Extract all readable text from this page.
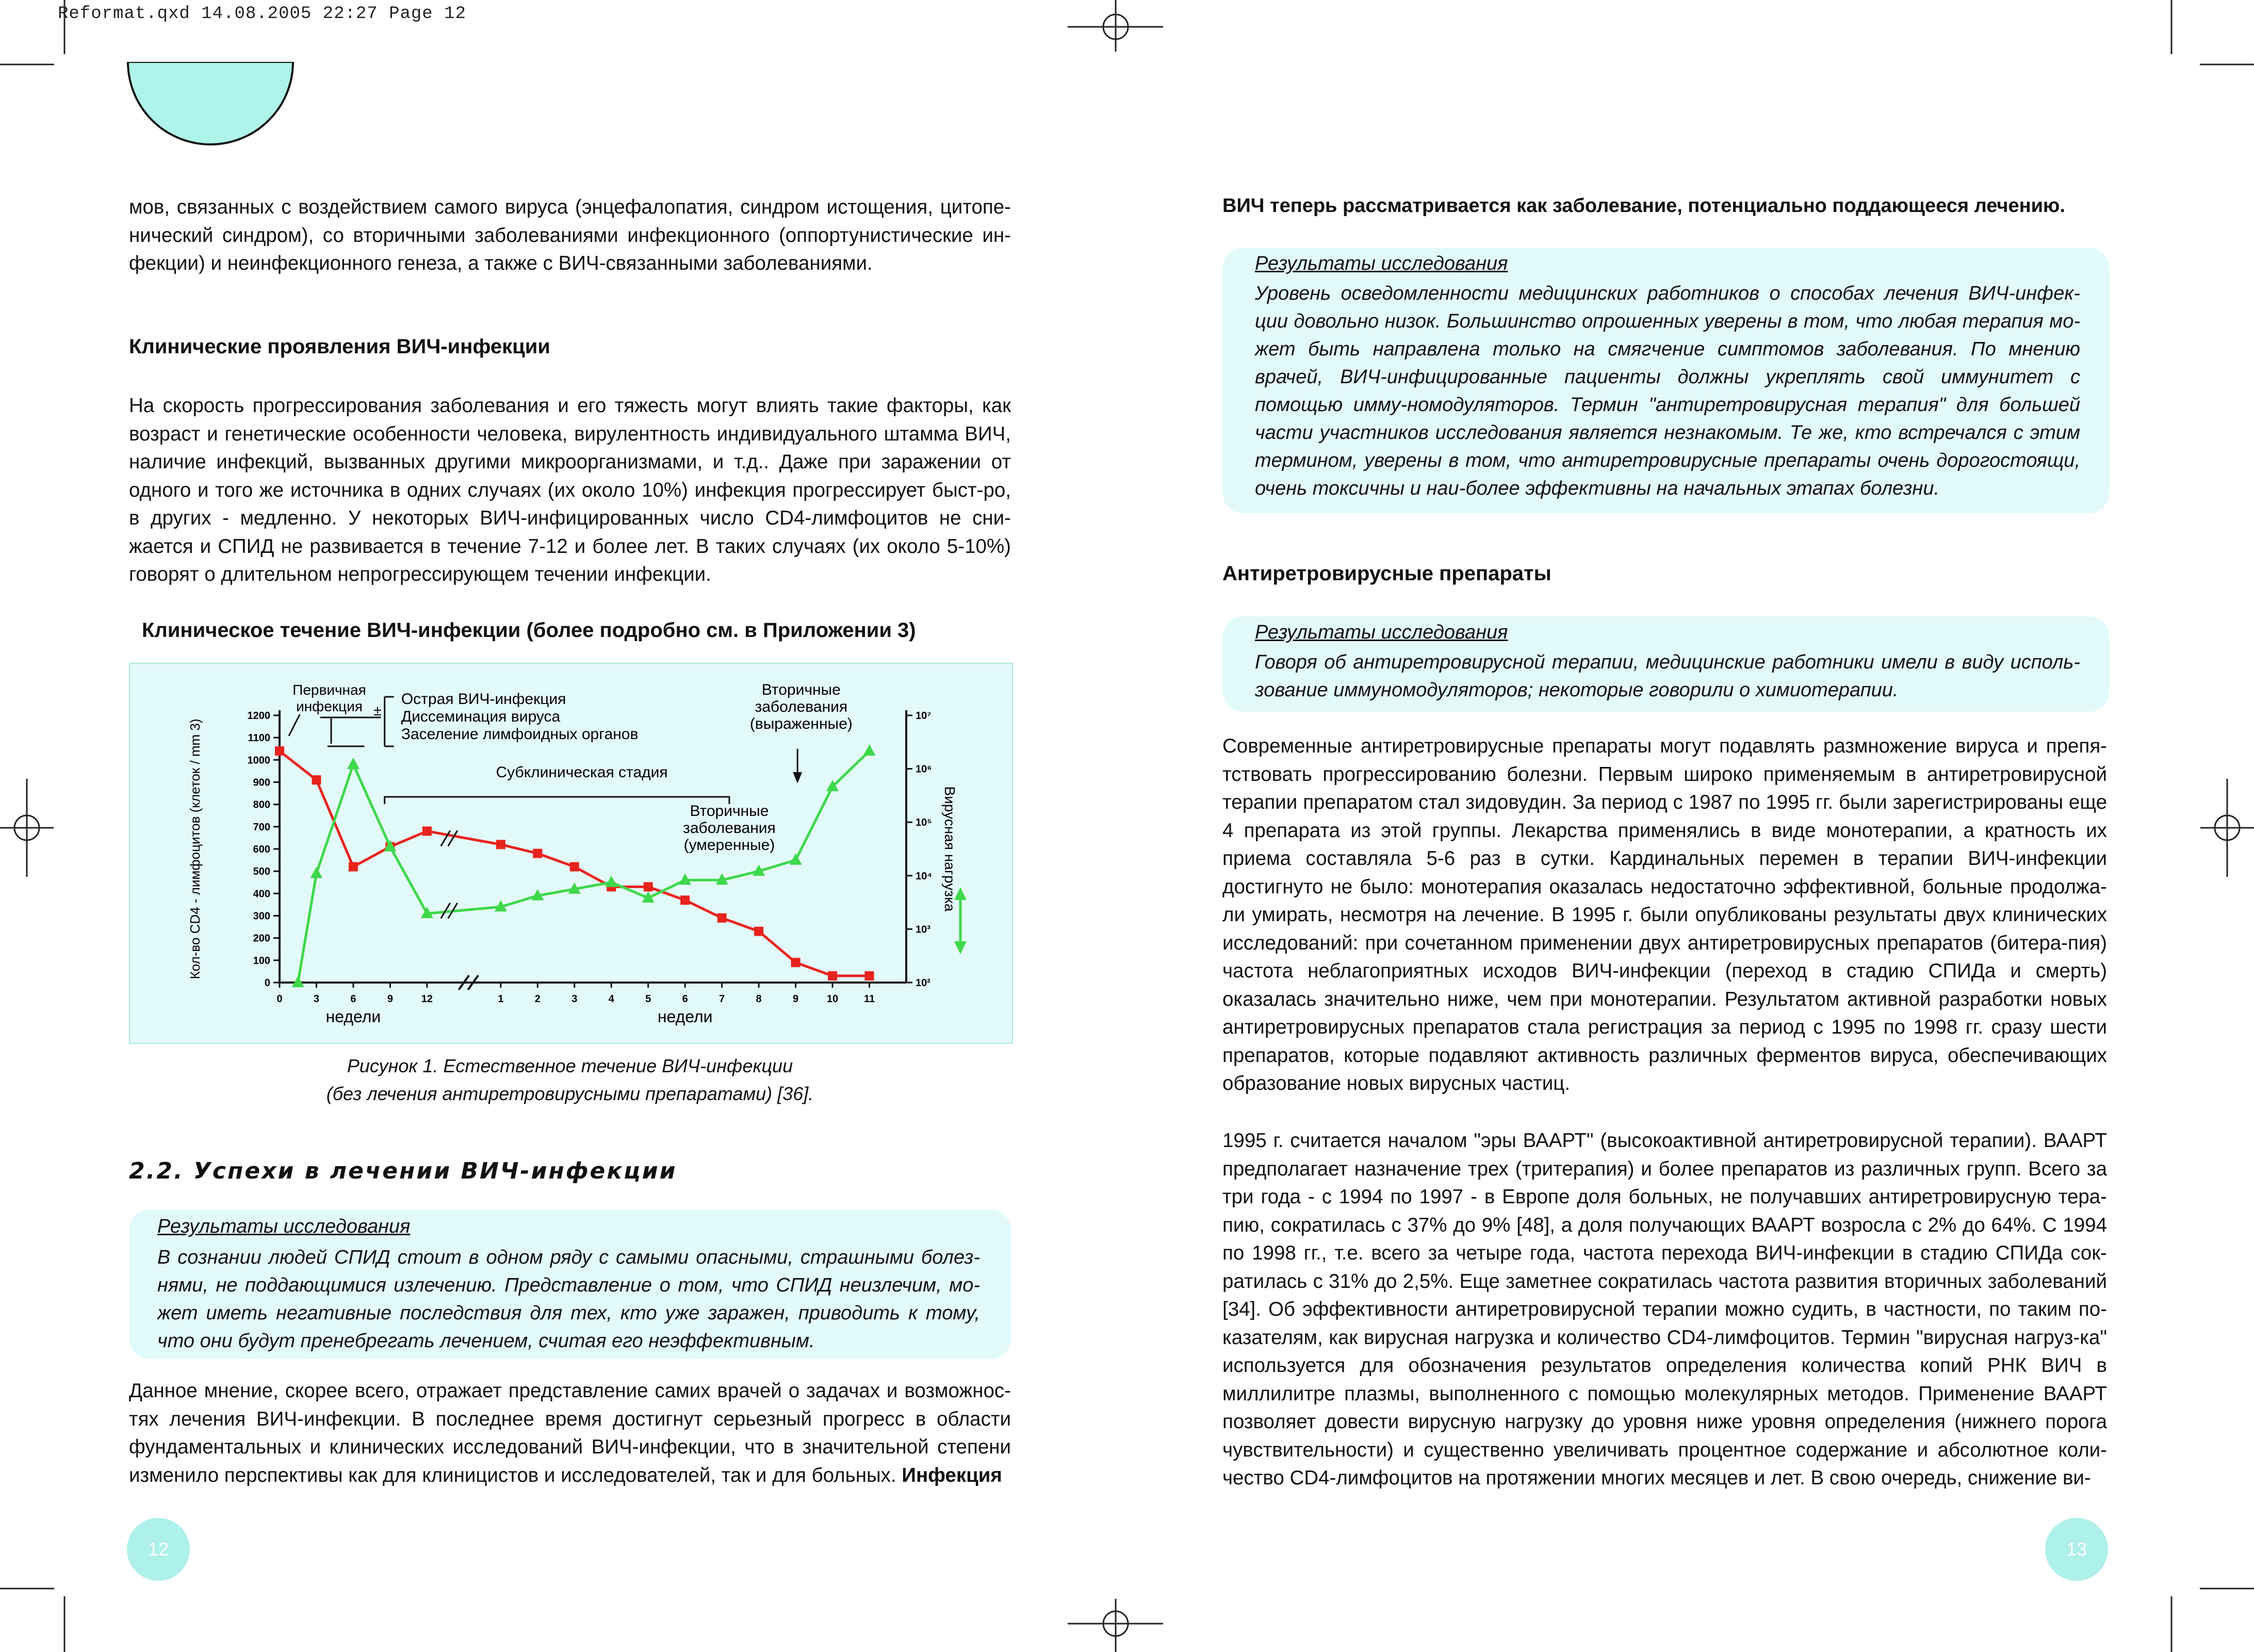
Reformat.qxd 14.08.2005 22:27 Page 12
мов, связанных с воздействием самого вируса (энцефалопатия, синдром истощения, цитопе-нический синдром), со вторичными заболеваниями инфекционного (оппортунистические ин-фекции) и неинфекционного генеза, а также с ВИЧ-связанными заболеваниями.
Клинические проявления ВИЧ-инфекции
На скорость прогрессирования заболевания и его тяжесть могут влиять такие факторы, как возраст и генетические особенности человека, вирулентность индивидуального штамма ВИЧ, наличие инфекций, вызванных другими микроорганизмами, и т.д.. Даже при заражении от одного и того же источника в одних случаях (их около 10%) инфекция прогрессирует быст-ро, в других - медленно. У некоторых ВИЧ-инфицированных число CD4-лимфоцитов не сни-жается и СПИД не развивается в течение 7-12 и более лет. В таких случаях (их около 5-10%) говорят о длительном непрогрессирующем течении инфекции.
Клиническое течение ВИЧ-инфекции (более подробно см. в Приложении 3)
0
100
200
300
400
500
600
700
800
900
1000
1100
1200
10²
10³
10⁴
10⁵
10⁶
10⁷
0	3	6	9	12	1	2	3	4	5	6	7	8	9	10 11
недели	недели
Кол-во CD4 - лимфоцитов (клеток / mm 3)	Вирусная нагрузка
Первичная
инфекция ±
Острая ВИЧ-инфекция
Диссеминация вируса
Заселение лимфоидных органов
Субклиническая стадия
Вторичные
заболевания
(умеренные)
Вторичные
заболевания
(выраженные)
Рисунок 1. Естественное течение ВИЧ-инфекции
(без лечения антиретровирусными препаратами) [36].
2.2. Успехи в лечении ВИЧ-инфекции
Результаты исследования
В сознании людей СПИД стоит в одном ряду с самыми опасными, страшными болез-нями, не поддающимися излечению. Представление о том, что СПИД неизлечим, мо-жет иметь негативные последствия для тех, кто уже заражен, приводить к тому, что они будут пренебрегать лечением, считая его неэффективным.
Данное мнение, скорее всего, отражает представление самих врачей о задачах и возможнос-тях лечения ВИЧ-инфекции. В последнее время достигнут серьезный прогресс в области фундаментальных и клинических исследований ВИЧ-инфекции, что в значительной степени изменило перспективы как для клиницистов и исследователей, так и для больных. Инфекция
12
ВИЧ теперь рассматривается как заболевание, потенциально поддающееся лечению.
Результаты исследования
Уровень осведомленности медицинских работников о способах лечения ВИЧ-инфек-ции довольно низок. Большинство опрошенных уверены в том, что любая терапия мо-жет быть направлена только на смягчение симптомов заболевания. По мнению врачей, ВИЧ-инфицированные пациенты должны укреплять свой иммунитет с помощью имму-номодуляторов. Термин "антиретровирусная терапия" для большей части участников исследования является незнакомым. Те же, кто встречался с этим термином, уверены в том, что антиретровирусные препараты очень дорогостоящи, очень токсичны и наи-более эффективны на начальных этапах болезни.
Антиретровирусные препараты
Результаты исследования
Говоря об антиретровирусной терапии, медицинские работники имели в виду исполь-зование иммуномодуляторов; некоторые говорили о химиотерапии.
Современные антиретровирусные препараты могут подавлять размножение вируса и препя-тствовать прогрессированию болезни. Первым широко применяемым в антиретровирусной терапии препаратом стал зидовудин. За период с 1987 по 1995 гг. были зарегистрированы еще 4 препарата из этой группы. Лекарства применялись в виде монотерапии, а кратность их приема составляла 5-6 раз в сутки. Кардинальных перемен в терапии ВИЧ-инфекции достигнуто не было: монотерапия оказалась недостаточно эффективной, больные продолжа-ли умирать, несмотря на лечение. В 1995 г. были опубликованы результаты двух клинических исследований: при сочетанном применении двух антиретровирусных препаратов (битера-пия) частота неблагоприятных исходов ВИЧ-инфекции (переход в стадию СПИДа и смерть) оказалась значительно ниже, чем при монотерапии. Результатом активной разработки новых антиретровирусных препаратов стала регистрация за период с 1995 по 1998 гг. сразу шести препаратов, которые подавляют активность различных ферментов вируса, обеспечивающих образование новых вирусных частиц.
1995 г. считается началом "эры ВААРТ" (высокоактивной антиретровирусной терапии). ВААРТ предполагает назначение трех (тритерапия) и более препаратов из различных групп. Всего за три года - с 1994 по 1997 - в Европе доля больных, не получавших антиретровирусную тера-пию, сократилась с 37% до 9% [48], а доля получающих ВААРТ возросла с 2% до 64%. С 1994 по 1998 гг., т.е. всего за четыре года, частота перехода ВИЧ-инфекции в стадию СПИДа сок-ратилась с 31% до 2,5%. Еще заметнее сократилась частота развития вторичных заболеваний [34]. Об эффективности антиретровирусной терапии можно судить, в частности, по таким по-казателям, как вирусная нагрузка и количество CD4-лимфоцитов. Термин "вирусная нагруз-ка" используется для обозначения результатов определения количества копий РНК ВИЧ в миллилитре плазмы, выполненного с помощью молекулярных методов. Применение ВААРТ позволяет довести вирусную нагрузку до уровня ниже уровня определения (нижнего порога чувствительности) и существенно увеличивать процентное содержание и абсолютное коли-чество CD4-лимфоцитов на протяжении многих месяцев и лет. В свою очередь, снижение ви-
13
